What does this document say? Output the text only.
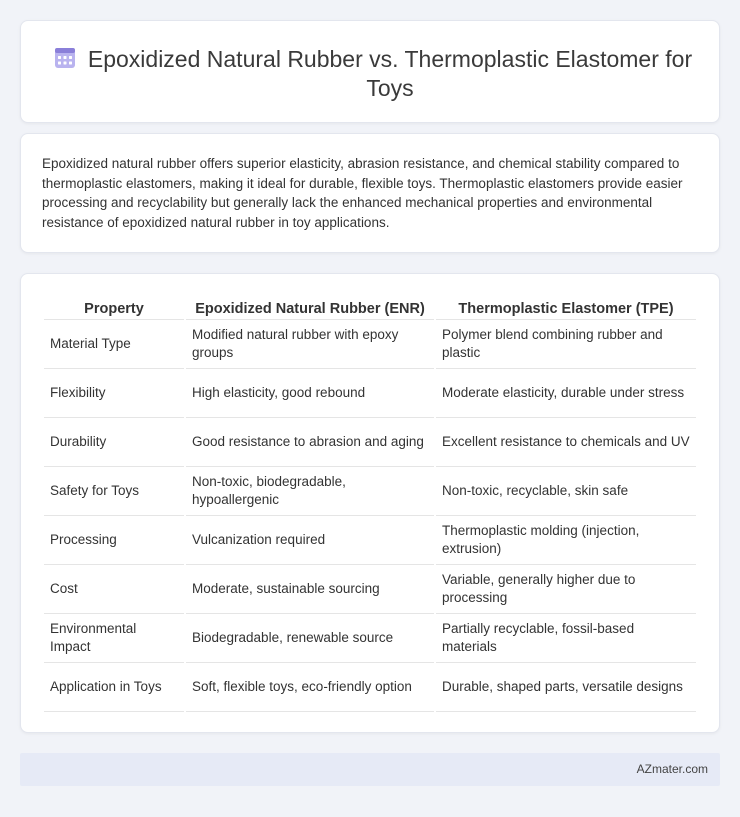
Epoxidized Natural Rubber vs. Thermoplastic Elastomer for Toys

Epoxidized natural rubber offers superior elasticity, abrasion resistance, and chemical stability compared to thermoplastic elastomers, making it ideal for durable, flexible toys. Thermoplastic elastomers provide easier processing and recyclability but generally lack the enhanced mechanical properties and environmental resistance of epoxidized natural rubber in toy applications.

Property	Epoxidized Natural Rubber (ENR)	Thermoplastic Elastomer (TPE)
Material Type	Modified natural rubber with epoxy groups	Polymer blend combining rubber and plastic
Flexibility	High elasticity, good rebound	Moderate elasticity, durable under stress
Durability	Good resistance to abrasion and aging	Excellent resistance to chemicals and UV
Safety for Toys	Non-toxic, biodegradable, hypoallergenic	Non-toxic, recyclable, skin safe
Processing	Vulcanization required	Thermoplastic molding (injection, extrusion)
Cost	Moderate, sustainable sourcing	Variable, generally higher due to processing
Environmental Impact	Biodegradable, renewable source	Partially recyclable, fossil-based materials
Application in Toys	Soft, flexible toys, eco-friendly option	Durable, shaped parts, versatile designs
AZmater.com
